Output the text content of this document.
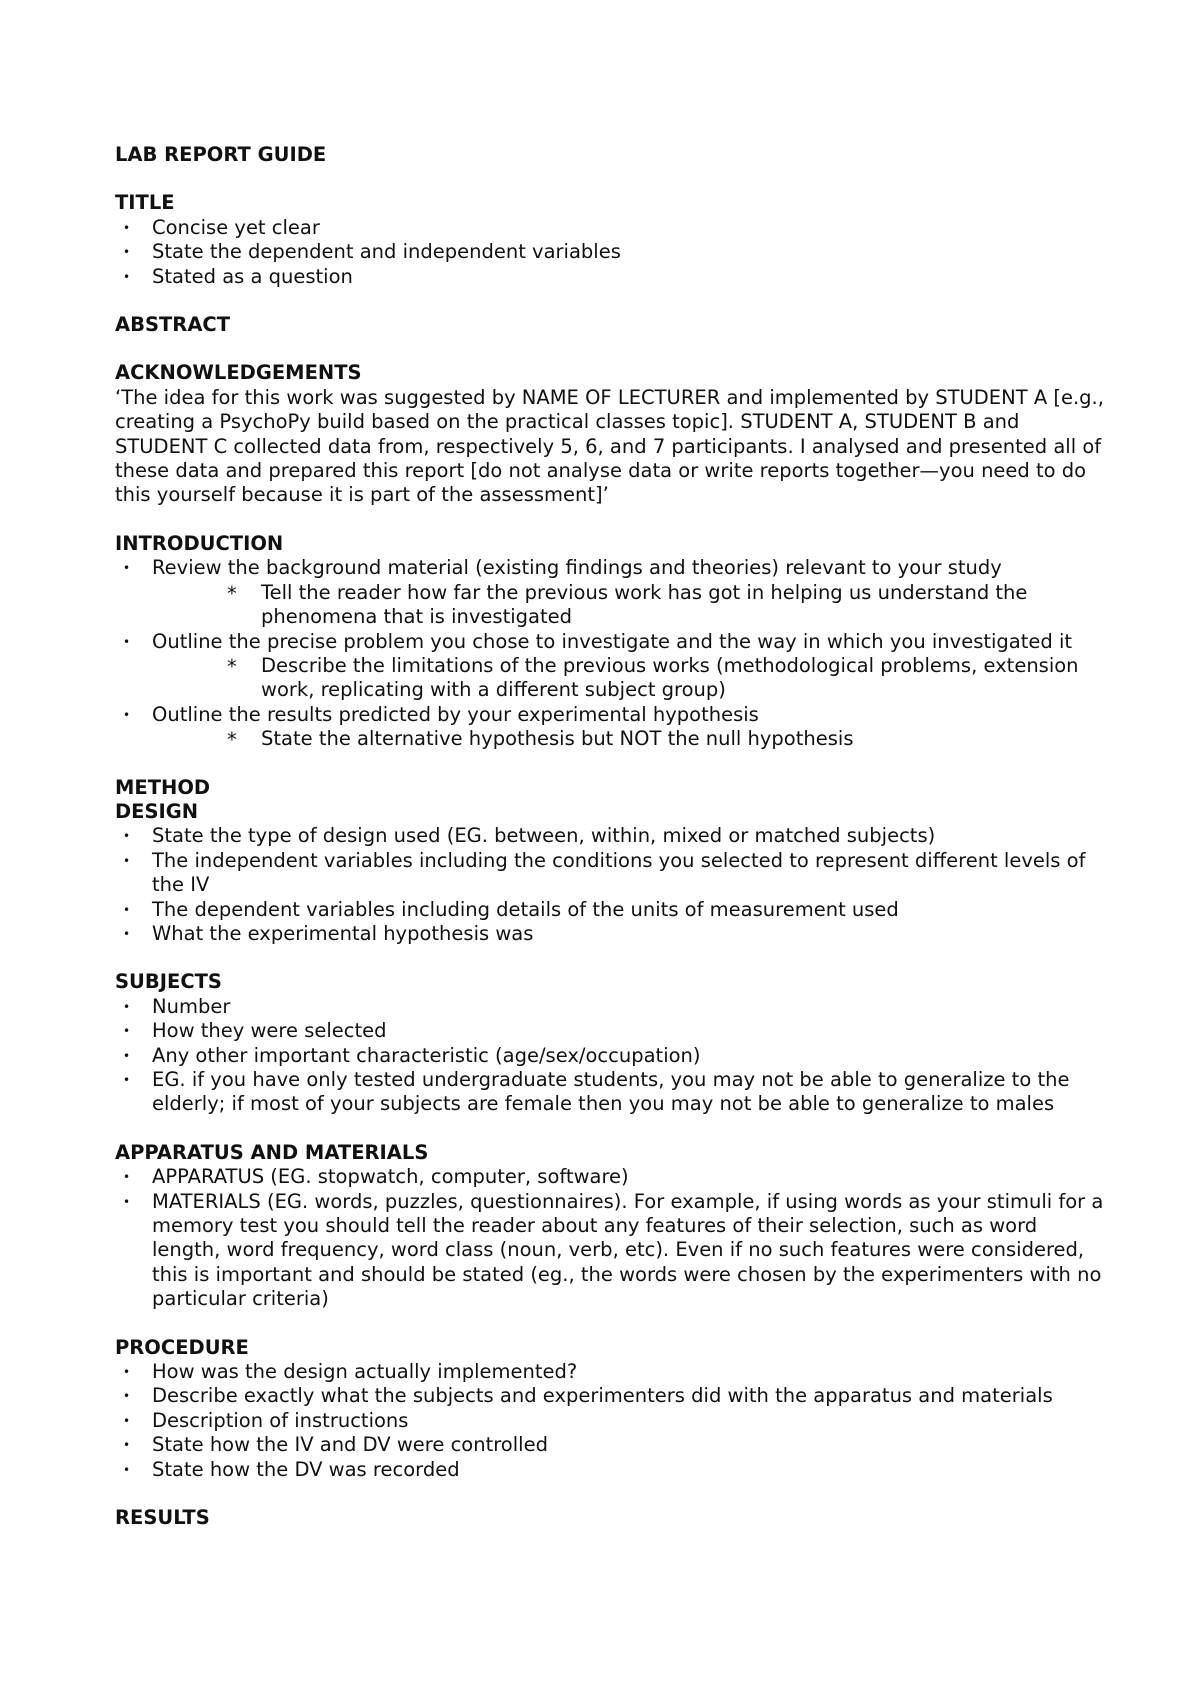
LAB REPORT GUIDE

TITLE

• Concise yet clear
• State the dependent and independent variables
• Stated as a question

ABSTRACT

ACKNOWLEDGEMENTS

‘The idea for this work was suggested by NAME OF LECTURER and implemented by STUDENT A [e.g., creating a PsychoPy build based on the practical classes topic]. STUDENT A, STUDENT B and STUDENT C collected data from, respectively 5, 6, and 7 participants. I analysed and presented all of these data and prepared this report [do not analyse data or write reports together—you need to do this yourself because it is part of the assessment]’

INTRODUCTION

• Review the background material (existing findings and theories) relevant to your study
* Tell the reader how far the previous work has got in helping us understand the phenomena that is investigated
• Outline the precise problem you chose to investigate and the way in which you investigated it
* Describe the limitations of the previous works (methodological problems, extension work, replicating with a different subject group)
• Outline the results predicted by your experimental hypothesis
* State the alternative hypothesis but NOT the null hypothesis

METHOD

DESIGN

• State the type of design used (EG. between, within, mixed or matched subjects)
• The independent variables including the conditions you selected to represent different levels of the IV
• The dependent variables including details of the units of measurement used
• What the experimental hypothesis was

SUBJECTS

• Number
• How they were selected
• Any other important characteristic (age/sex/occupation)
• EG. if you have only tested undergraduate students, you may not be able to generalize to the elderly; if most of your subjects are female then you may not be able to generalize to males

APPARATUS AND MATERIALS

• APPARATUS (EG. stopwatch, computer, software)
• MATERIALS (EG. words, puzzles, questionnaires). For example, if using words as your stimuli for a memory test you should tell the reader about any features of their selection, such as word length, word frequency, word class (noun, verb, etc). Even if no such features were considered, this is important and should be stated (eg., the words were chosen by the experimenters with no particular criteria)

PROCEDURE

• How was the design actually implemented?
• Describe exactly what the subjects and experimenters did with the apparatus and materials
• Description of instructions
• State how the IV and DV were controlled
• State how the DV was recorded

RESULTS
